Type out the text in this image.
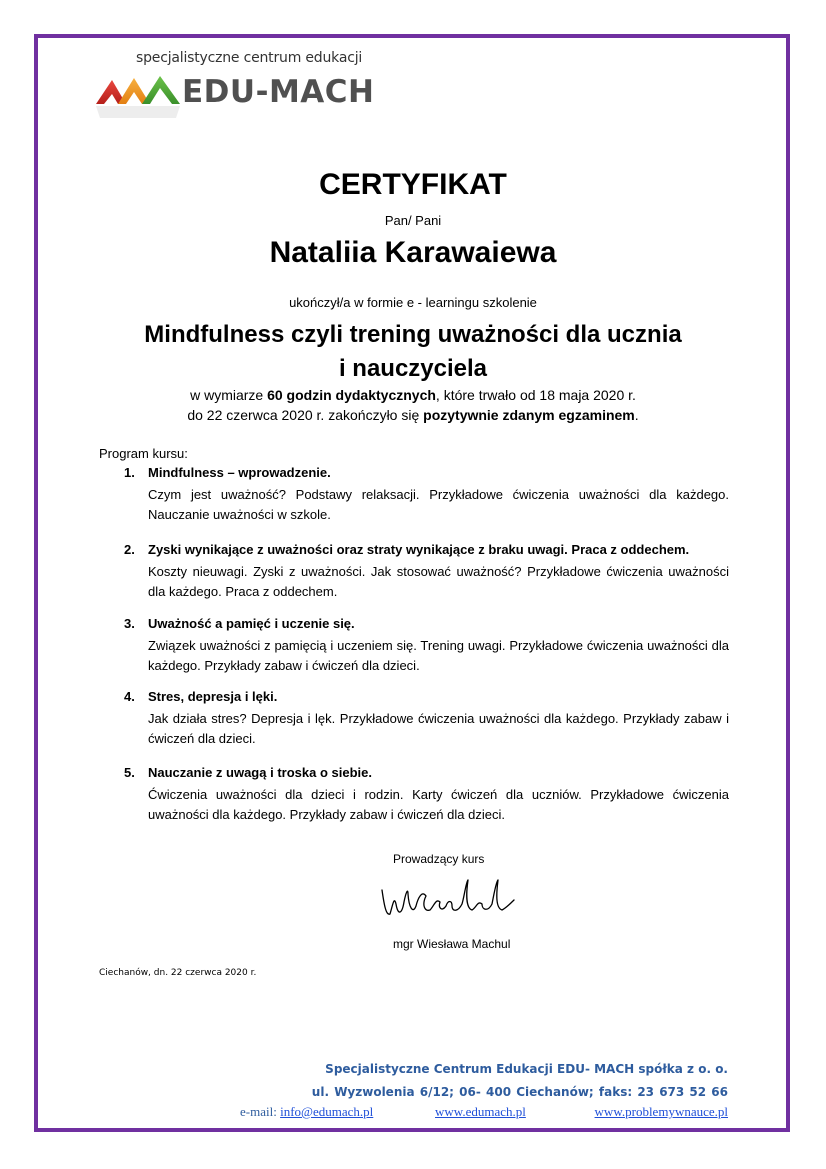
specjalistyczne centrum edukacji
EDU-MACH
CERTYFIKAT
Pan/ Pani
Nataliia Karawaiewa
ukończył/a w formie e - learningu szkolenie
Mindfulness czyli trening uważności dla ucznia
i nauczyciela
w wymiarze 60 godzin dydaktycznych, które trwało od 18 maja 2020 r.
do 22 czerwca 2020 r. zakończyło się pozytywnie zdanym egzaminem.
Program kursu:
1. Mindfulness – wprowadzenie.
Czym jest uważność? Podstawy relaksacji. Przykładowe ćwiczenia uważności dla każdego. Nauczanie uważności w szkole.
2. Zyski wynikające z uważności oraz straty wynikające z braku uwagi. Praca z oddechem.
Koszty nieuwagi. Zyski z uważności. Jak stosować uważność? Przykładowe ćwiczenia uważności dla każdego. Praca z oddechem.
3. Uważność a pamięć i uczenie się.
Związek uważności z pamięcią i uczeniem się. Trening uwagi. Przykładowe ćwiczenia uważności dla każdego. Przykłady zabaw i ćwiczeń dla dzieci.
4. Stres, depresja i lęki.
Jak działa stres? Depresja i lęk. Przykładowe ćwiczenia uważności dla każdego. Przykłady zabaw i ćwiczeń dla dzieci.
5. Nauczanie z uwagą i troska o siebie.
Ćwiczenia uważności dla dzieci i rodzin. Karty ćwiczeń dla uczniów. Przykładowe ćwiczenia uważności dla każdego. Przykłady zabaw i ćwiczeń dla dzieci.
Prowadzący kurs
mgr Wiesława Machul
Ciechanów, dn. 22 czerwca 2020 r.
Specjalistyczne Centrum Edukacji EDU- MACH spółka z o. o.
ul. Wyzwolenia 6/12; 06- 400 Ciechanów; faks: 23 673 52 66
e-mail: info@edumach.pl	www.edumach.pl	www.problemywnauce.pl
